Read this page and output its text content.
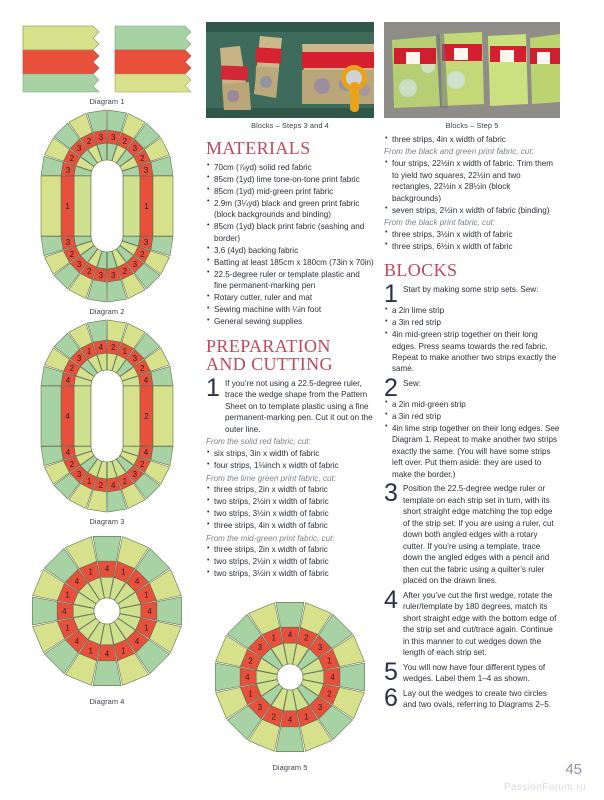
Diagram 1
3
2
3
2 3 3 2
3
2
3
3
2
3
2
3
3
2
3
2
3
1	1
Diagram 2
4
2
3
1 4 2 1
3
2
4
4
2
3
1
4
2
1
3
2
4
4	2
Diagram 3
4 1
4
1
4
1
4
1
4
1
4
1
4
1
4
1
Diagram 4
Blocks – Steps 3 and 4
MATERIALS
• 70cm (⅞yd) solid red fabric
• 85cm (1yd) lime tone-on-tone print fabric
• 85cm (1yd) mid-green print fabric
• 2.9m (3¼yd) black and green print fabric (block backgrounds and binding)
• 85cm (1yd) black print fabric (sashing and border)
• 3.6 (4yd) backing fabric
• Batting at least 185cm x 180cm (73in x 70in)
• 22.5-degree ruler or template plastic and fine permanent-marking pen
• Rotary cutter, ruler and mat
• Sewing machine with ¼in foot
• General sewing supplies
PREPARATION AND CUTTING
1 If you’re not using a 22.5-degree ruler, trace the wedge shape from the Pattern Sheet on to template plastic using a fine permanent-marking pen. Cut it out on the outer line.
From the solid red fabric, cut:
• six strips, 3in x width of fabric
• four strips, 1⅛inch x width of fabric
From the lime green print fabric, cut:
• three strips, 2in x width of fabric
• two strips, 2½in x width of fabric
• two strips, 3½in x width of fabric
• three strips, 4in x width of fabric
From the mid-green print fabric, cut:
• three strips, 2in x width of fabric
• two strips, 2½in x width of fabric
• two strips, 3½in x width of fabric
4 2
3
1
4
2
3
1
4
2
3
1
4
2
3
1
Diagram 5
Blocks – Step 5
• three strips, 4in x width of fabric
From the black and green print fabric, cut:
• four strips, 22½in x width of fabric. Trim them to yield two squares, 22½in and two rectangles, 22½in x 28½in (block backgrounds)
• seven strips, 2½in x width of fabric (binding)
From the black print fabric, cut:
• three strips, 3½in x width of fabric
• three strips, 6½in x width of fabric
BLOCKS
1 Start by making some strip sets. Sew:
• a 2in lime strip
• a 3in red strip
• 4in mid-green strip together on their long edges. Press seams towards the red fabric. Repeat to make another two strips exactly the same.
2 Sew:
• a 2in mid-green strip
• a 3in red strip
• 4in lime strip together on their long edges. See Diagram 1. Repeat to make another two strips exactly the same. (You will have some strips left over. Put them aside: they are used to make the border.)
3 Position the 22.5-degree wedge ruler or template on each strip set in turn, with its short straight edge matching the top edge of the strip set. If you are using a ruler, cut down both angled edges with a rotary cutter. If you’re using a template, trace down the angled edges with a pencil and then cut the fabric using a quilter’s ruler placed on the drawn lines.
4 After you’ve cut the first wedge, rotate the ruler/template by 180 degrees, match its short straight edge with the bottom edge of the strip set and cut/trace again. Continue in this manner to cut wedges down the length of each strip set.
5 You will now have four different types of wedges. Label them 1–4 as shown.
6 Lay out the wedges to create two circles and two ovals, referring to Diagrams 2–5.
45
PassionForum.ru
